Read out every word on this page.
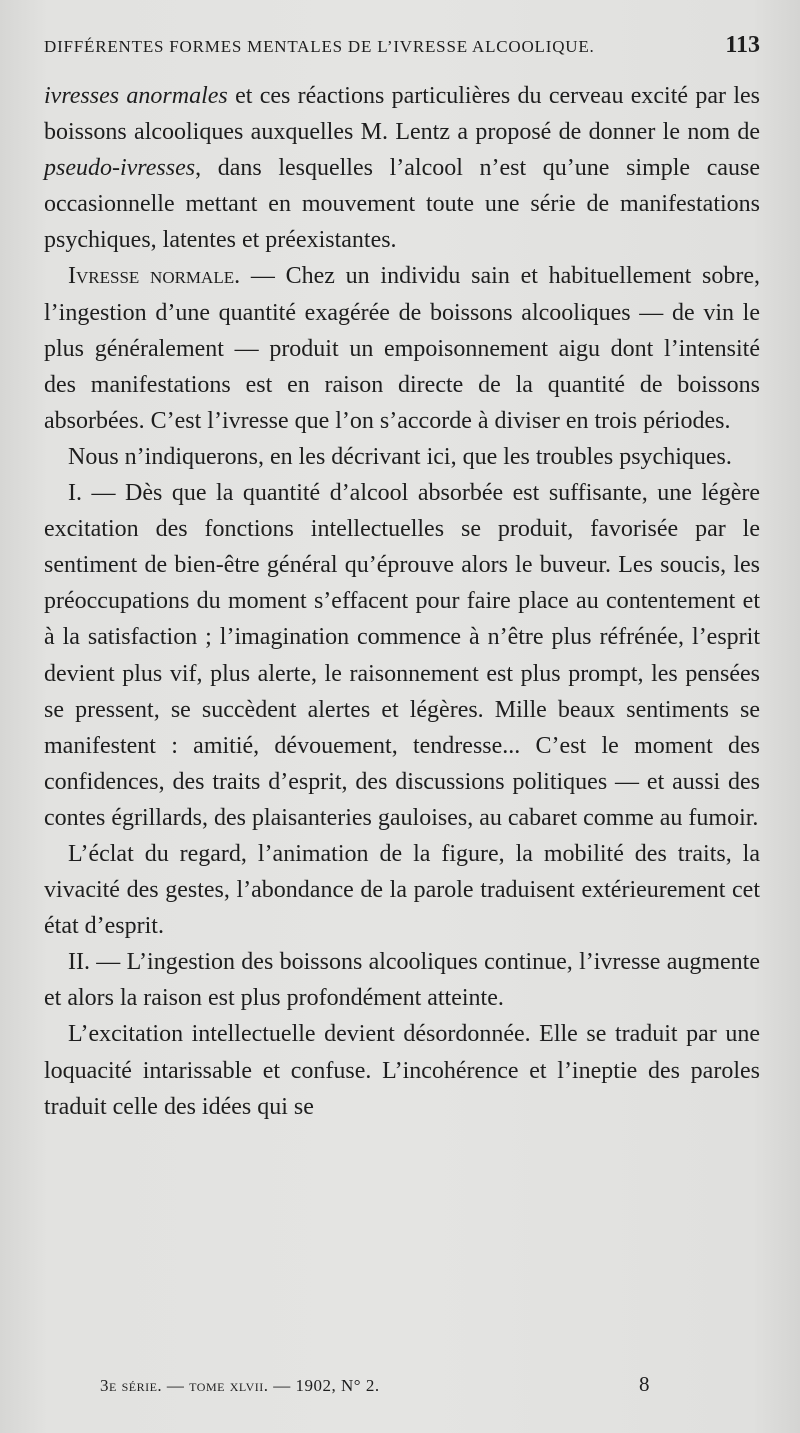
DIFFÉRENTES FORMES MENTALES DE L’IVRESSE ALCOOLIQUE.	113

ivresses anormales et ces réactions particulières du cerveau excité par les boissons alcooliques auxquelles M. Lentz a proposé de donner le nom de pseudo-ivresses, dans lesquelles l’alcool n’est qu’une simple cause occasionnelle mettant en mouvement toute une série de manifestations psychiques, latentes et préexistantes.

Ivresse normale. — Chez un individu sain et habituellement sobre, l’ingestion d’une quantité exagérée de boissons alcooliques — de vin le plus généralement — produit un empoisonnement aigu dont l’intensité des manifestations est en raison directe de la quantité de boissons absorbées. C’est l’ivresse que l’on s’accorde à diviser en trois périodes.

Nous n’indiquerons, en les décrivant ici, que les troubles psychiques.

I. — Dès que la quantité d’alcool absorbée est suffisante, une légère excitation des fonctions intellectuelles se produit, favorisée par le sentiment de bien-être général qu’éprouve alors le buveur. Les soucis, les préoccupations du moment s’effacent pour faire place au contentement et à la satisfaction ; l’imagination commence à n’être plus réfrénée, l’esprit devient plus vif, plus alerte, le raisonnement est plus prompt, les pensées se pressent, se succèdent alertes et légères. Mille beaux sentiments se manifestent : amitié, dévouement, tendresse... C’est le moment des confidences, des traits d’esprit, des discussions politiques — et aussi des contes égrillards, des plaisanteries gauloises, au cabaret comme au fumoir.

L’éclat du regard, l’animation de la figure, la mobilité des traits, la vivacité des gestes, l’abondance de la parole traduisent extérieurement cet état d’esprit.

II. — L’ingestion des boissons alcooliques continue, l’ivresse augmente et alors la raison est plus profondément atteinte.

L’excitation intellectuelle devient désordonnée. Elle se traduit par une loquacité intarissable et confuse. L’incohérence et l’ineptie des paroles traduit celle des idées qui se

3e série. — tome xlvii. — 1902, N° 2.	8
